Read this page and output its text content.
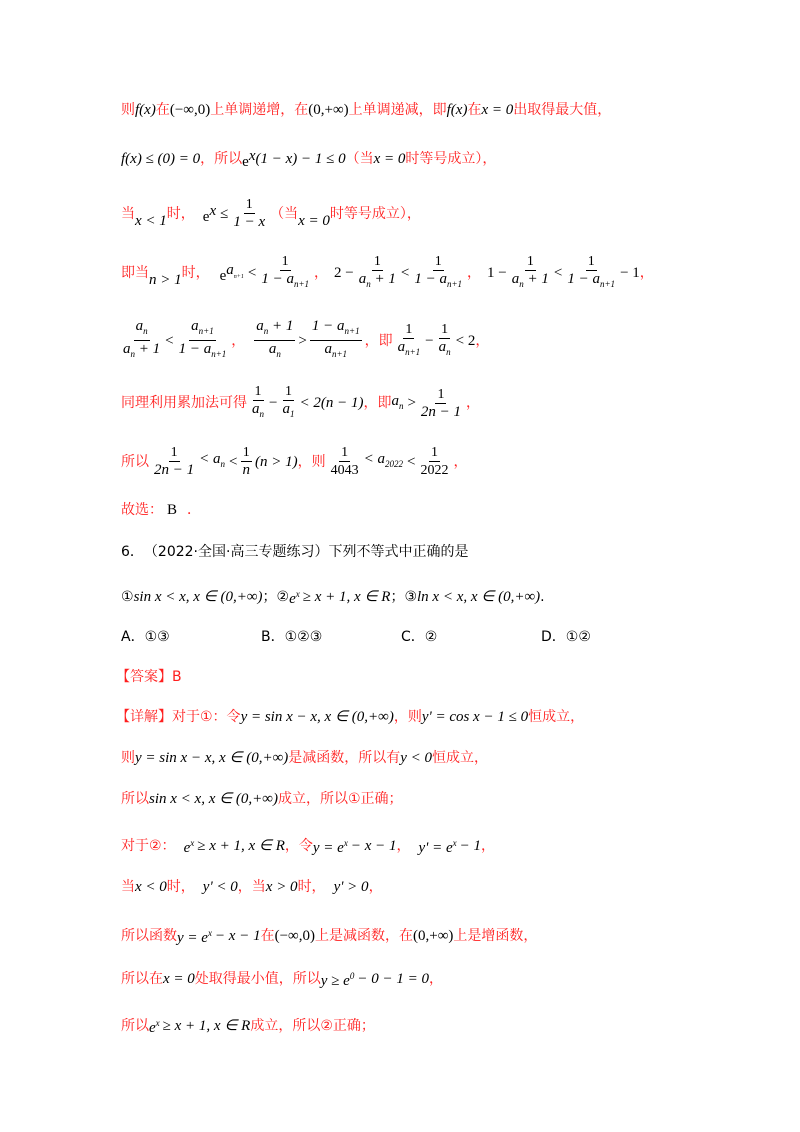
则 f(x) 在 (−∞,0) 上单调递增，在 (0,+∞) 上单调递减，即 f(x) 在 x = 0 出取得最大值，
f(x) ≤ (0) = 0 ，所以 $e^x$ (1 − x) − 1 ≤ 0 （当 x = 0 时等号成立），
当 x < 1 时， $e^x \le \frac{1}{1 - x}$ （当 x = 0 时等号成立），
即当 n > 1 时， $e^{a_{n+1}} < \frac{1}{1 - a_{n+1}}$ ， $2 - \frac{1}{a_n + 1} < \frac{1}{1 - a_{n+1}}$ ， $1 - \frac{1}{a_n + 1} < \frac{1}{1 - a_{n+1}} - 1$ ，
$\frac{a_n}{a_n + 1} < \frac{a_{n+1}}{1 - a_{n+1}}$ ， $\frac{a_n + 1}{a_n} > \frac{1 - a_{n+1}}{a_{n+1}}$ ，即 $\frac{1}{a_{n+1}} - \frac{1}{a_n} < 2$ ，
同理利用累加法可得 $\frac{1}{a_n} - \frac{1}{a_1} < 2(n - 1)$ ，即 $a_n > \frac{1}{2n - 1}$ ，
所以 $\frac{1}{2n - 1} < a_n < \frac{1}{n} (n > 1)$ ，则 $\frac{1}{4043} < a_{2022} < \frac{1}{2022}$ ，
故选： B ．
6． （2022·全国·高三专题练习）下列不等式中正确的是
① sin x < x, x ∈ (0,+∞) ； ② $e^x \ge x + 1$, x ∈ R ； ③ ln x < x, x ∈ (0,+∞) .
A．①③	B．①②③	C．②	D．①②
【答案】 B
【详解】 对于①：令 y = sin x − x, x ∈ (0,+∞) ，则 y' = cos x − 1 ≤ 0 恒成立，
则 y = sin x − x, x ∈ (0,+∞) 是减函数，所以有 y < 0 恒成立，
所以 sin x < x, x ∈ (0,+∞) 成立，所以①正确；
对于②： $e^x \ge x + 1$, x ∈ R ，令 $y = e^x - x - 1$ ， $y' = e^x - 1$ ，
当 x < 0 时， y' < 0 ，当 x > 0 时， y' > 0 ，
所以函数 $y = e^x - x - 1$ 在 (−∞,0) 上是减函数，在 (0,+∞) 上是增函数，
所以在 x = 0 处取得最小值，所以 $y \ge e^0 - 0 - 1 = 0$ ，
所以 $e^x \ge x + 1$, x ∈ R 成立，所以②正确；
